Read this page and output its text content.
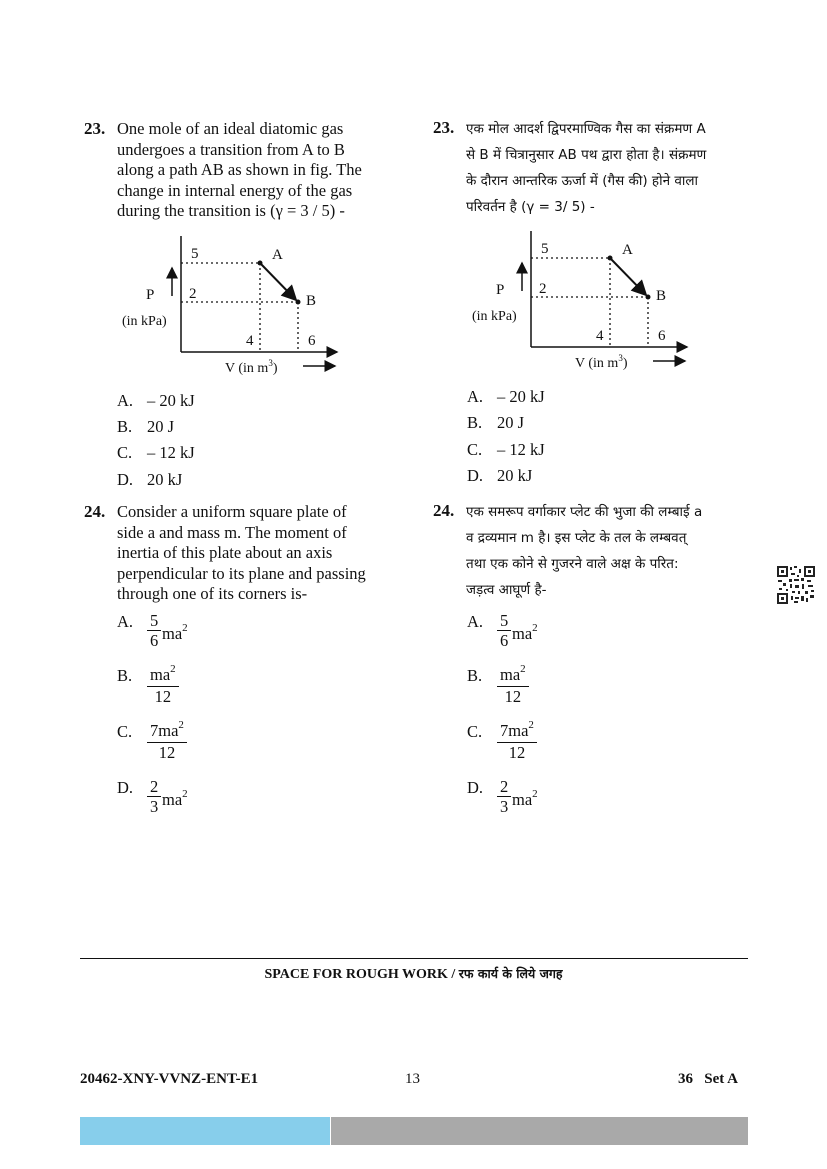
23. One mole of an ideal diatomic gas
undergoes a transition from A to B
along a path AB as shown in fig. The
change in internal energy of the gas
during the transition is (γ = 3 / 5) -
5
2
4	6
A
B
P
(in kPa)
V (in $m^3$)
A. – 20 kJ
B. 20 J
C. – 12 kJ
D. 20 kJ
23. एक मोल आदर्श द्विपरमाण्विक गैस का संक्रमण A
से B में चित्रानुसार AB पथ द्वारा होता है। संक्रमण
के दौरान आन्तरिक ऊर्जा में (गैस की) होने वाला
परिवर्तन है (γ = 3/ 5) -
5
2
4	6
A
B
P
(in kPa)
V (in $m^3$)
A. – 20 kJ
B. 20 J
C. – 12 kJ
D. 20 kJ
24. Consider a uniform square plate of
side a and mass m. The moment of
inertia of this plate about an axis
perpendicular to its plane and passing
through one of its corners is-
A. $\frac{5}{6} ma^2$
B. $\frac{ma^2}{12}$
C. $\frac{7ma^2}{12}$
D. $\frac{2}{3} ma^2$
24. एक समरूप वर्गाकार प्लेट की भुजा की लम्बाई a
व द्रव्यमान m है। इस प्लेट के तल के लम्बवत्
तथा एक कोने से गुजरने वाले अक्ष के परित:
जड़त्व आघूर्ण है-
A. $\frac{5}{6} ma^2$
B. $\frac{ma^2}{12}$
C. $\frac{7ma^2}{12}$
D. $\frac{2}{3} ma^2$
SPACE FOR ROUGH WORK / रफ कार्य के लिये जगह
20462-XNY-VVNZ-ENT-E1	13	36   Set A
